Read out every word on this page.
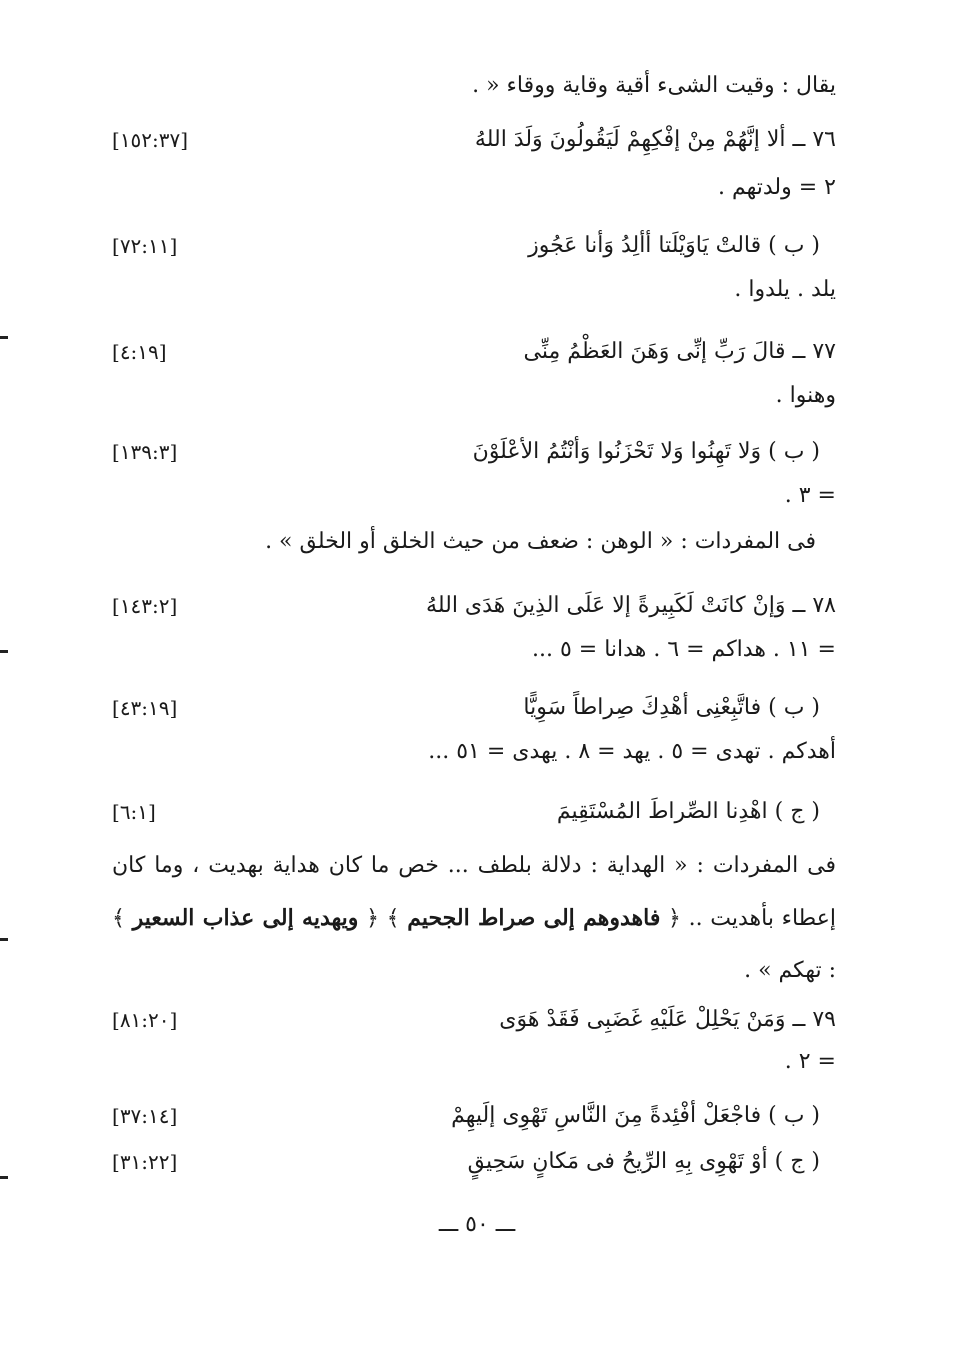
يقال : وقيت الشىء أقية وقاية ووقاء « .
٧٦ ــ ألا إنَّهُمْ مِنْ إفْكِهِمْ لَيَقُولُونَ وَلَدَ اللهُ
[١٥٢:٣٧]
٢ = ولدتهم .
( ب ) قالتْ يَاوَيْلَتا أألِدُ وَأنا عَجُوز
[٧٢:١١]
يلد . يلدوا .
٧٧ ــ قالَ رَبِّ إنِّى وَهَنَ العَظْمُ مِنِّى
[٤:١٩]
وهنوا .
( ب ) وَلا تَهِنُوا وَلا تَحْزَنُوا وَأنْتُمُ الأعْلَوْنَ
[١٣٩:٣]
= ٣ .
فى المفردات : « الوهن : ضعف من حيث الخلق أو الخلق » .
٧٨ ــ وَإنْ كانَتْ لَكَبِيرةً إلا عَلَى الذِينَ هَدَى اللهُ
[١٤٣:٢]
= ١١ . هداكم = ٦ . هدانا = ٥ ...
( ب ) فاتَّبِعْنِى أهْدِكَ صِراطاً سَوِيًّا
[٤٣:١٩]
أهدكم . تهدى = ٥ . يهد = ٨ . يهدى = ٥١ ...
( ج ) اهْدِنا الصِّراطَ المُسْتَقِيمَ
[٦:١]
فى المفردات : « الهداية : دلالة بلطف ... خص ما كان هداية بهديت ، وما كان إعطاء بأهديت .. ﴿ فاهدوهم إلى صراط الجحيم ﴾ ﴿ ويهديه إلى عذاب السعير ﴾ : تهكم » .
٧٩ ــ وَمَنْ يَحْلِلْ عَلَيْهِ غَضَبِى فَقَدْ هَوَى
[٨١:٢٠]
= ٢ .
( ب ) فاجْعَلْ أفْئِدةً مِنَ النَّاسِ تَهْوِى إلَيهِمْ
[٣٧:١٤]
( ج ) أوْ تَهْوِى بِهِ الرِّيحُ فى مَكانٍ سَحِيقٍ
[٣١:٢٢]
ـــ ٥٠ ـــ
